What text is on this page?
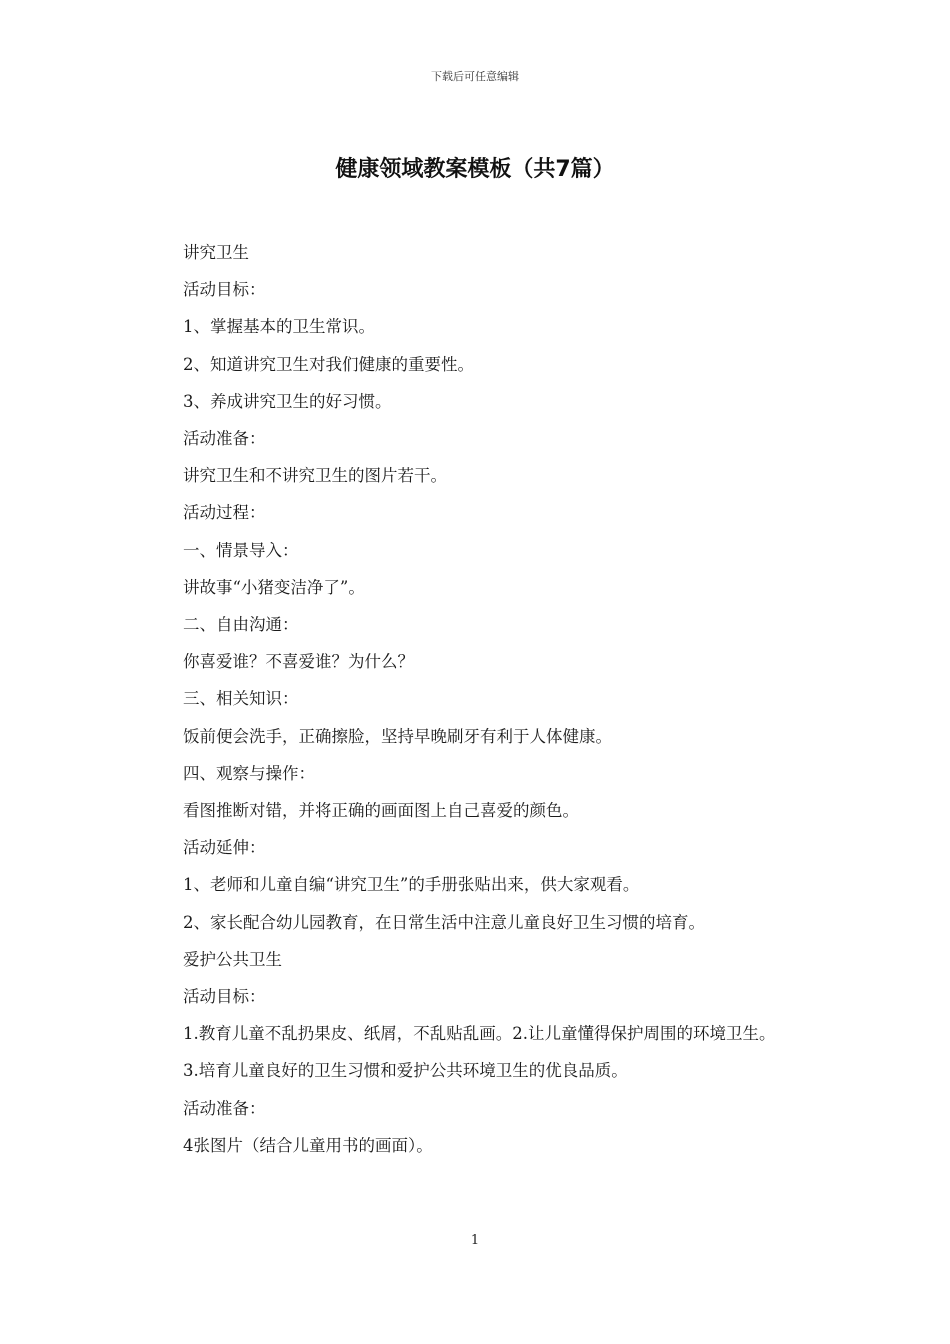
下载后可任意编辑
健康领域教案模板（共7篇）

讲究卫生

活动目标：

1、掌握基本的卫生常识。

2、知道讲究卫生对我们健康的重要性。

3、养成讲究卫生的好习惯。

活动准备：

讲究卫生和不讲究卫生的图片若干。

活动过程：

一、情景导入：

讲故事“小猪变洁净了”。

二、自由沟通：

你喜爱谁？不喜爱谁？为什么？

三、相关知识：

饭前便会洗手，正确擦脸，坚持早晚刷牙有利于人体健康。

四、观察与操作：

看图推断对错，并将正确的画面图上自己喜爱的颜色。

活动延伸：

1、老师和儿童自编“讲究卫生”的手册张贴出来，供大家观看。

2、家长配合幼儿园教育，在日常生活中注意儿童良好卫生习惯的培育。

爱护公共卫生

活动目标：

1.教育儿童不乱扔果皮、纸屑，不乱贴乱画。2.让儿童懂得保护周围的环境卫生。

3.培育儿童良好的卫生习惯和爱护公共环境卫生的优良品质。

活动准备：

4张图片（结合儿童用书的画面）。

1
